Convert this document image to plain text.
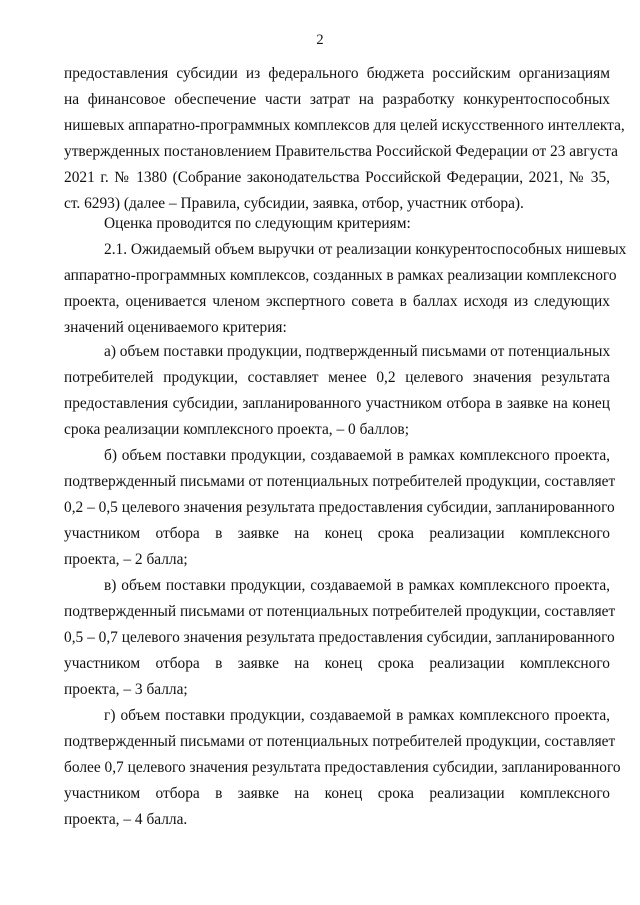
2
предоставления субсидии из федерального бюджета российским организациям
на финансовое обеспечение части затрат на разработку конкурентоспособных
нишевых аппаратно-программных комплексов для целей искусственного интеллекта,
утвержденных постановлением Правительства Российской Федерации от 23 августа
2021 г. № 1380 (Собрание законодательства Российской Федерации, 2021, № 35,
ст. 6293) (далее – Правила, субсидии, заявка, отбор, участник отбора).
Оценка проводится по следующим критериям:
2.1. Ожидаемый объем выручки от реализации конкурентоспособных нишевых
аппаратно-программных комплексов, созданных в рамках реализации комплексного
проекта, оценивается членом экспертного совета в баллах исходя из следующих
значений оцениваемого критерия:
а) объем поставки продукции, подтвержденный письмами от потенциальных
потребителей продукции, составляет менее 0,2 целевого значения результата
предоставления субсидии, запланированного участником отбора в заявке на конец
срока реализации комплексного проекта, – 0 баллов;
б) объем поставки продукции, создаваемой в рамках комплексного проекта,
подтвержденный письмами от потенциальных потребителей продукции, составляет
0,2 – 0,5 целевого значения результата предоставления субсидии, запланированного
участником отбора в заявке на конец срока реализации комплексного
проекта, – 2 балла;
в) объем поставки продукции, создаваемой в рамках комплексного проекта,
подтвержденный письмами от потенциальных потребителей продукции, составляет
0,5 – 0,7 целевого значения результата предоставления субсидии, запланированного
участником отбора в заявке на конец срока реализации комплексного
проекта, – 3 балла;
г) объем поставки продукции, создаваемой в рамках комплексного проекта,
подтвержденный письмами от потенциальных потребителей продукции, составляет
более 0,7 целевого значения результата предоставления субсидии, запланированного
участником отбора в заявке на конец срока реализации комплексного
проекта, – 4 балла.
